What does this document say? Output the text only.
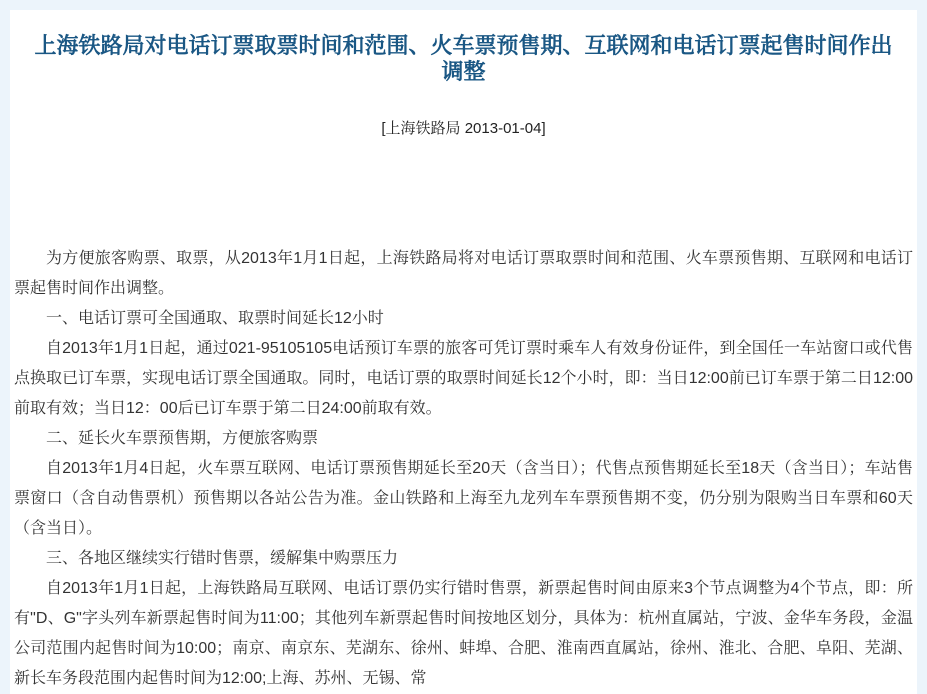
上海铁路局对电话订票取票时间和范围、火车票预售期、互联网和电话订票起售时间作出调整
[上海铁路局 2013-01-04]

为方便旅客购票、取票，从2013年1月1日起，上海铁路局将对电话订票取票时间和范围、火车票预售期、互联网和电话订票起售时间作出调整。

一、电话订票可全国通取、取票时间延长12小时

自2013年1月1日起，通过021-95105105电话预订车票的旅客可凭订票时乘车人有效身份证件，到全国任一车站窗口或代售点换取已订车票，实现电话订票全国通取。同时，电话订票的取票时间延长12个小时，即：当日12:00前已订车票于第二日12:00前取有效；当日12：00后已订车票于第二日24:00前取有效。

二、延长火车票预售期，方便旅客购票

自2013年1月4日起，火车票互联网、电话订票预售期延长至20天（含当日）；代售点预售期延长至18天（含当日）；车站售票窗口（含自动售票机）预售期以各站公告为准。金山铁路和上海至九龙列车车票预售期不变，仍分别为限购当日车票和60天（含当日）。

三、各地区继续实行错时售票，缓解集中购票压力

自2013年1月1日起，上海铁路局互联网、电话订票仍实行错时售票，新票起售时间由原来3个节点调整为4个节点，即：所有"D、G"字头列车新票起售时间为11:00；其他列车新票起售时间按地区划分，具体为：杭州直属站，宁波、金华车务段，金温公司范围内起售时间为10:00；南京、南京东、芜湖东、徐州、蚌埠、合肥、淮南西直属站，徐州、淮北、合肥、阜阳、芜湖、新长车务段范围内起售时间为12:00;上海、苏州、无锡、常
